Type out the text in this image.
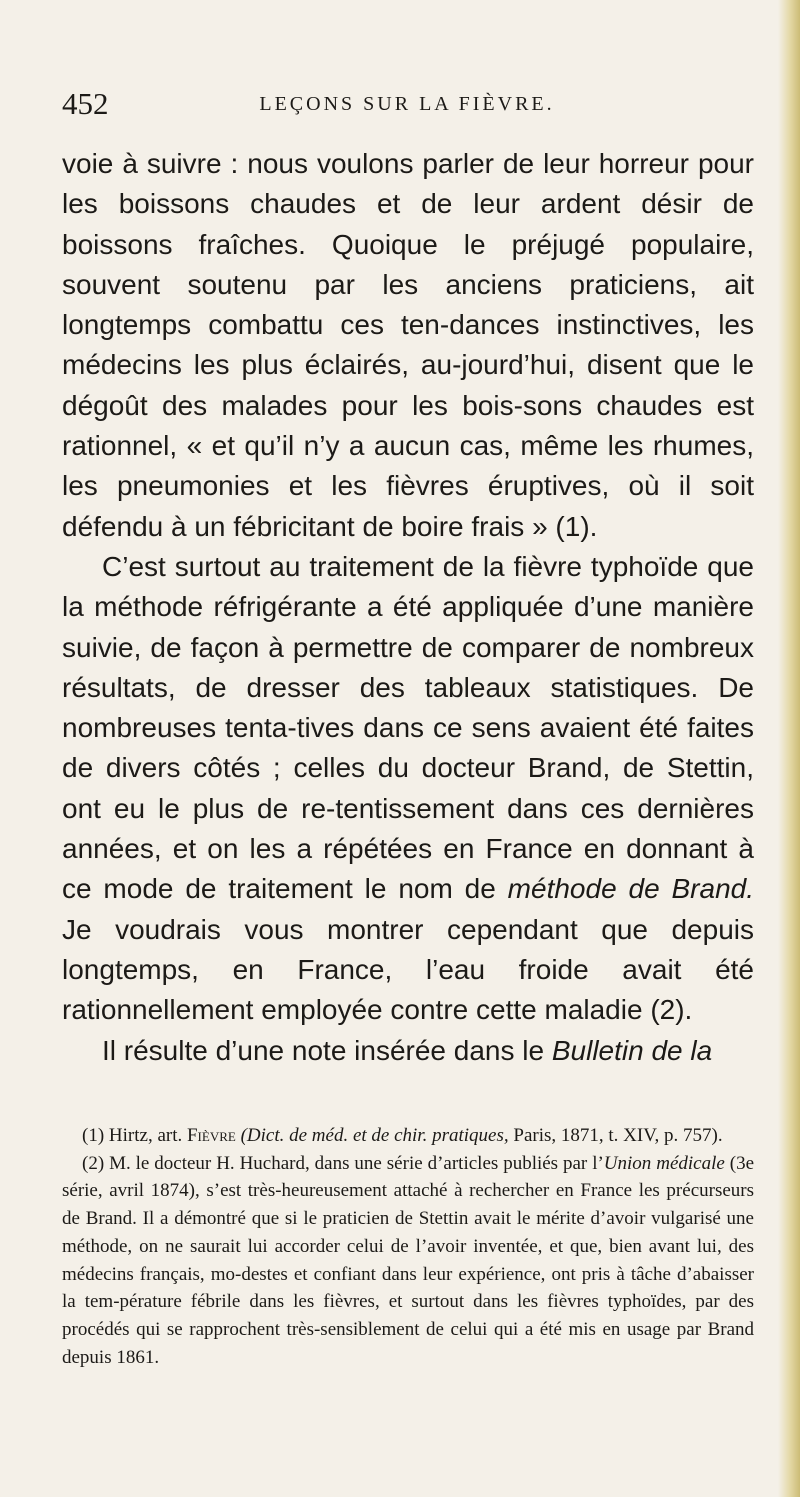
452	LEÇONS SUR LA FIÈVRE.

voie à suivre : nous voulons parler de leur horreur pour les boissons chaudes et de leur ardent désir de boissons fraîches. Quoique le préjugé populaire, souvent soutenu par les anciens praticiens, ait longtemps combattu ces ten-dances instinctives, les médecins les plus éclairés, au-jourd’hui, disent que le dégoût des malades pour les bois-sons chaudes est rationnel, « et qu’il n’y a aucun cas, même les rhumes, les pneumonies et les fièvres éruptives, où il soit défendu à un fébricitant de boire frais » (1).

C’est surtout au traitement de la fièvre typhoïde que la méthode réfrigérante a été appliquée d’une manière suivie, de façon à permettre de comparer de nombreux résultats, de dresser des tableaux statistiques. De nombreuses tenta-tives dans ce sens avaient été faites de divers côtés ; celles du docteur Brand, de Stettin, ont eu le plus de re-tentissement dans ces dernières années, et on les a répétées en France en donnant à ce mode de traitement le nom de méthode de Brand. Je voudrais vous montrer cependant que depuis longtemps, en France, l’eau froide avait été rationnellement employée contre cette maladie (2).

Il résulte d’une note insérée dans le Bulletin de la

(1) Hirtz, art. Fièvre (Dict. de méd. et de chir. pratiques, Paris, 1871, t. XIV, p. 757).

(2) M. le docteur H. Huchard, dans une série d’articles publiés par l’Union médicale (3e série, avril 1874), s’est très-heureusement attaché à rechercher en France les précurseurs de Brand. Il a démontré que si le praticien de Stettin avait le mérite d’avoir vulgarisé une méthode, on ne saurait lui accorder celui de l’avoir inventée, et que, bien avant lui, des médecins français, mo-destes et confiant dans leur expérience, ont pris à tâche d’abaisser la tem-pérature fébrile dans les fièvres, et surtout dans les fièvres typhoïdes, par des procédés qui se rapprochent très-sensiblement de celui qui a été mis en usage par Brand depuis 1861.
